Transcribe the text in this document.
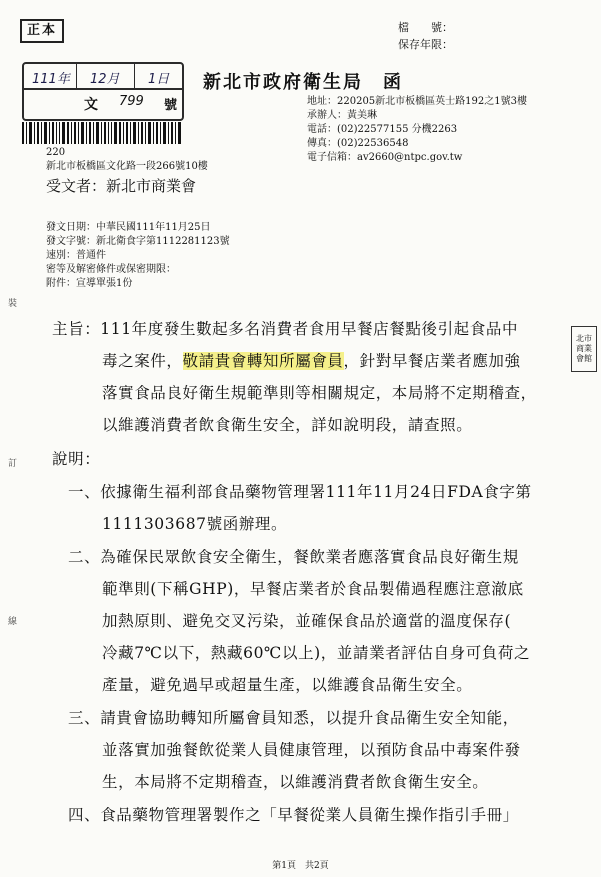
正本	檔　　號：
保存年限：
111年 12月 1日
文 799 號
220
新北市板橋區文化路一段266號10樓
新北市政府衛生局　函
地址：220205新北市板橋區英士路192之1號3樓
承辦人：黃美琳
電話：(02)22577155 分機2263
傳真：(02)22536548
電子信箱：av2660@ntpc.gov.tw
受文者：新北市商業會
發文日期：中華民國111年11月25日
發文字號：新北衛食字第1112281123號
速別：普通件
密等及解密條件或保密期限：
附件：宣導單張1份
裝
訂
線
北市
商業
會館
主旨：111年度發生數起多名消費者食用早餐店餐點後引起食品中
毒之案件，敬請貴會轉知所屬會員，針對早餐店業者應加強
落實食品良好衛生規範準則等相關規定，本局將不定期稽查，
以維護消費者飲食衛生安全，詳如說明段，請查照。
說明：
一、依據衛生福利部食品藥物管理署111年11月24日FDA食字第
1111303687號函辦理。
二、為確保民眾飲食安全衛生，餐飲業者應落實食品良好衛生規
範準則(下稱GHP)，早餐店業者於食品製備過程應注意澈底
加熱原則、避免交叉污染，並確保食品於適當的溫度保存(
冷藏7℃以下，熱藏60℃以上)，並請業者評估自身可負荷之
產量，避免過早或超量生產，以維護食品衛生安全。
三、請貴會協助轉知所屬會員知悉，以提升食品衛生安全知能，
並落實加強餐飲從業人員健康管理，以預防食品中毒案件發
生，本局將不定期稽查，以維護消費者飲食衛生安全。
四、食品藥物管理署製作之「早餐從業人員衛生操作指引手冊」
第1頁　共2頁
